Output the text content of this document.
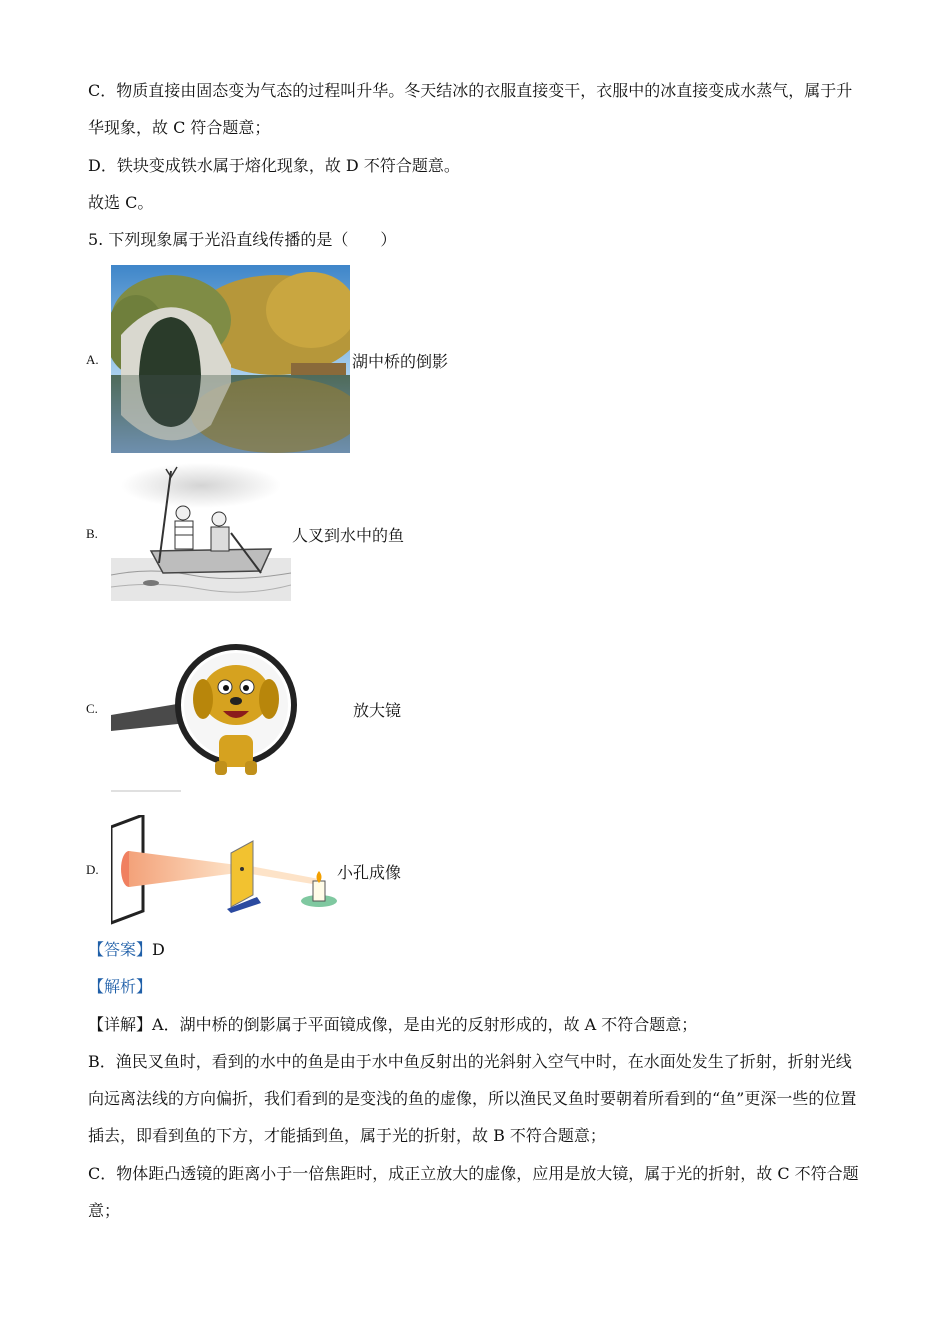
C．物质直接由固态变为气态的过程叫升华。冬天结冰的衣服直接变干，衣服中的冰直接变成水蒸气，属于升华现象，故 C 符合题意；

D．铁块变成铁水属于熔化现象，故 D 不符合题意。

故选 C。

5. 下列现象属于光沿直线传播的是（　　）

A.	湖中桥的倒影
B.	人叉到水中的鱼
C.	放大镜
D.	小孔成像

【答案】D

【解析】

【详解】A．湖中桥的倒影属于平面镜成像，是由光的反射形成的，故 A 不符合题意；

B．渔民叉鱼时，看到的水中的鱼是由于水中鱼反射出的光斜射入空气中时，在水面处发生了折射，折射光线向远离法线的方向偏折，我们看到的是变浅的鱼的虚像，所以渔民叉鱼时要朝着所看到的“鱼”更深一些的位置插去，即看到鱼的下方，才能插到鱼，属于光的折射，故 B 不符合题意；

C．物体距凸透镜的距离小于一倍焦距时，成正立放大的虚像，应用是放大镜，属于光的折射，故 C 不符合题意；
